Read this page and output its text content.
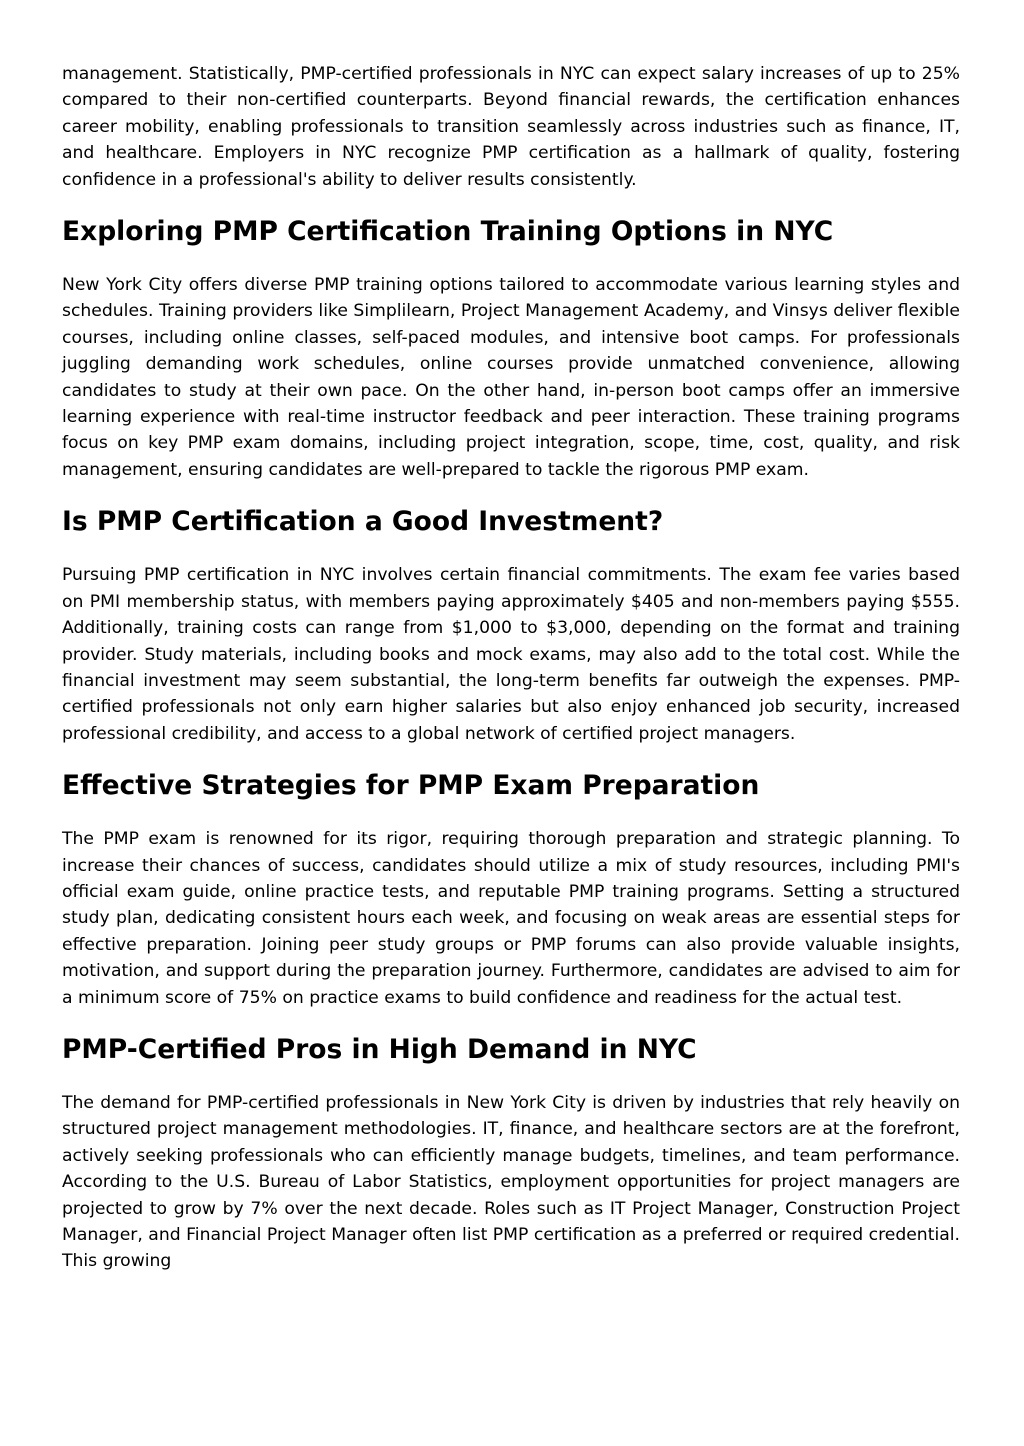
management. Statistically, PMP-certified professionals in NYC can expect salary increases of up to 25% compared to their non-certified counterparts. Beyond financial rewards, the certification enhances career mobility, enabling professionals to transition seamlessly across industries such as finance, IT, and healthcare. Employers in NYC recognize PMP certification as a hallmark of quality, fostering confidence in a professional's ability to deliver results consistently.

Exploring PMP Certification Training Options in NYC

New York City offers diverse PMP training options tailored to accommodate various learning styles and schedules. Training providers like Simplilearn, Project Management Academy, and Vinsys deliver flexible courses, including online classes, self-paced modules, and intensive boot camps. For professionals juggling demanding work schedules, online courses provide unmatched convenience, allowing candidates to study at their own pace. On the other hand, in-person boot camps offer an immersive learning experience with real-time instructor feedback and peer interaction. These training programs focus on key PMP exam domains, including project integration, scope, time, cost, quality, and risk management, ensuring candidates are well-prepared to tackle the rigorous PMP exam.

Is PMP Certification a Good Investment?

Pursuing PMP certification in NYC involves certain financial commitments. The exam fee varies based on PMI membership status, with members paying approximately $405 and non-members paying $555. Additionally, training costs can range from $1,000 to $3,000, depending on the format and training provider. Study materials, including books and mock exams, may also add to the total cost. While the financial investment may seem substantial, the long-term benefits far outweigh the expenses. PMP-certified professionals not only earn higher salaries but also enjoy enhanced job security, increased professional credibility, and access to a global network of certified project managers.

Effective Strategies for PMP Exam Preparation

The PMP exam is renowned for its rigor, requiring thorough preparation and strategic planning. To increase their chances of success, candidates should utilize a mix of study resources, including PMI's official exam guide, online practice tests, and reputable PMP training programs. Setting a structured study plan, dedicating consistent hours each week, and focusing on weak areas are essential steps for effective preparation. Joining peer study groups or PMP forums can also provide valuable insights, motivation, and support during the preparation journey. Furthermore, candidates are advised to aim for a minimum score of 75% on practice exams to build confidence and readiness for the actual test.

PMP-Certified Pros in High Demand in NYC

The demand for PMP-certified professionals in New York City is driven by industries that rely heavily on structured project management methodologies. IT, finance, and healthcare sectors are at the forefront, actively seeking professionals who can efficiently manage budgets, timelines, and team performance. According to the U.S. Bureau of Labor Statistics, employment opportunities for project managers are projected to grow by 7% over the next decade. Roles such as IT Project Manager, Construction Project Manager, and Financial Project Manager often list PMP certification as a preferred or required credential. This growing
